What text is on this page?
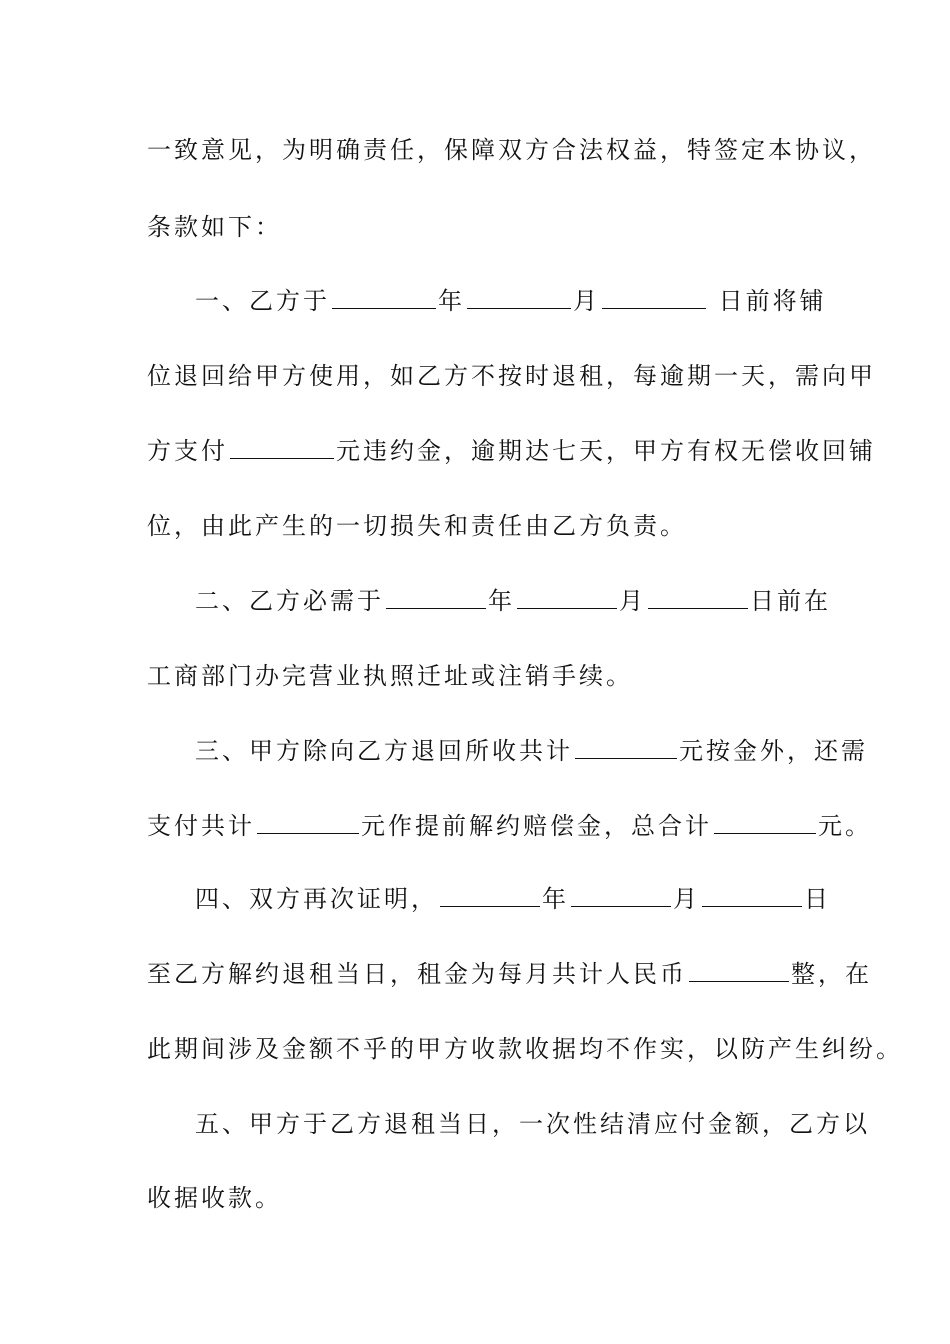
一致意见，为明确责任，保障双方合法权益，特签定本协议，
条款如下：
一、乙方于	年	月	日前将铺
位退回给甲方使用，如乙方不按时退租，每逾期一天，需向甲
方支付	元违约金，逾期达七天，甲方有权无偿收回铺
位，由此产生的一切损失和责任由乙方负责。
二、乙方必需于	年	月	日前在
工商部门办完营业执照迁址或注销手续。
三、甲方除向乙方退回所收共计	元按金外，还需
支付共计	元作提前解约赔偿金，总合计	元。
四、双方再次证明，	年	月	日
至乙方解约退租当日，租金为每月共计人民币	整，在
此期间涉及金额不乎的甲方收款收据均不作实，以防产生纠纷。
五、甲方于乙方退租当日，一次性结清应付金额，乙方以
收据收款。
